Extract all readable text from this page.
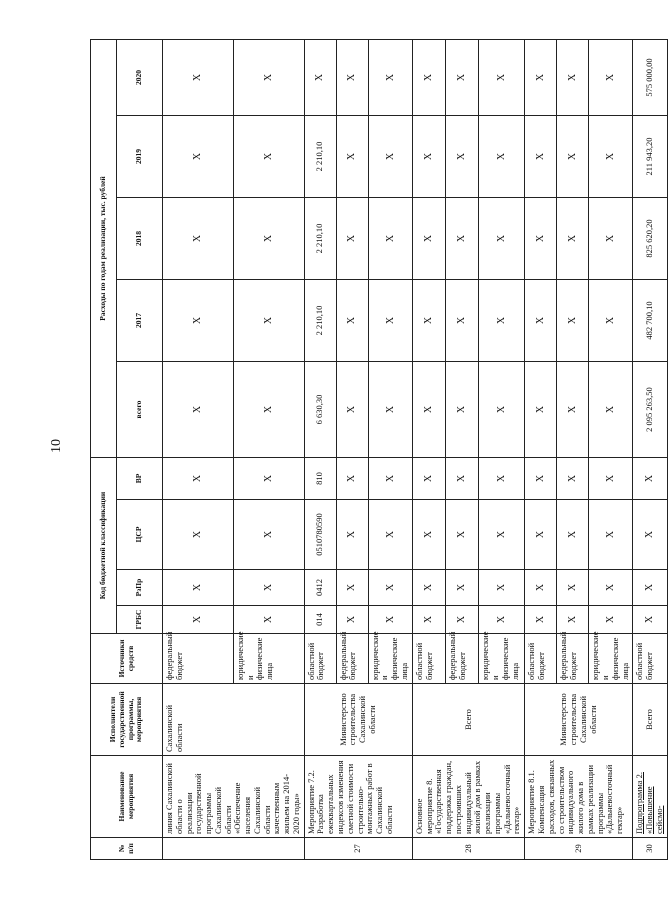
10
№ п/п	Наименование мероприятия	Исполнители государственной программы, мероприятия	Источники средств	Код бюджетной классификации				Расходы по годам реализации, тыс. рублей				
				ГРБС	РзПр	ЦСР	ВР	всего	2017	2018	2019	2020
	линия Сахалинской области о реализации государственной программы Сахалинской области «Обеспечение населения Сахалинской области качественным жильем на 2014-2020 годы»	Сахалинской области	федеральный бюджет	X	X	X	X	X	X	X	X	X
			юридические и физические лица	X	X	X	X	X	X	X	X	X
27	Мероприятие 7.2. Разработка ежеквартальных индексов изменения сметной стоимости строительно-монтажных работ в Сахалинской области	Министерство строительства Сахалинской области	областной бюджет	014	0412	0510780590	810	6 630,30	2 210,10	2 210,10	2 210,10	X
			федеральный бюджет	X	X	X	X	X	X	X	X	X
			юридические и физические лица	X	X	X	X	X	X	X	X	X
28	Основное мероприятие 8. «Государственная поддержка граждан, построивших индивидуальный жилой дом в рамках реализации программы «Дальневосточный гектар»	Всего	областной бюджет	X	X	X	X	X	X	X	X	X
			федеральный бюджет	X	X	X	X	X	X	X	X	X
			юридические и физические лица	X	X	X	X	X	X	X	X	X
29	Мероприятие 8.1. Компенсация расходов, связанных со строительством индивидуального жилого дома в рамках реализации программы «Дальневосточный гектар»	Министерство строительства Сахалинской области	областной бюджет	X	X	X	X	X	X	X	X	X
			федеральный бюджет	X	X	X	X	X	X	X	X	X
			юридические и физические лица	X	X	X	X	X	X	X	X	X
30	Подпрограмма 2. «Повышение сейсмо-	Всего	областной бюджет	X	X	X	X	2 095 263,50	482 700,10	825 620,20	211 943,20	575 000,00
